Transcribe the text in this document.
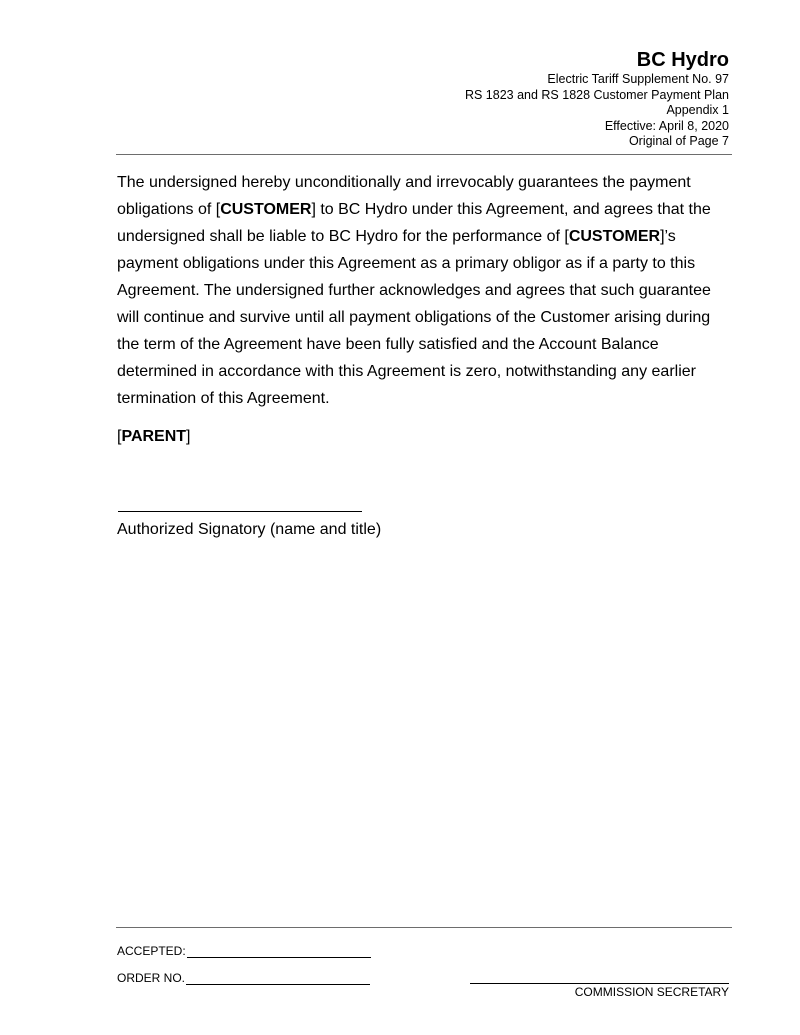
BC Hydro
Electric Tariff Supplement No. 97
RS 1823 and RS 1828 Customer Payment Plan
Appendix 1
Effective: April 8, 2020
Original of Page 7

The undersigned hereby unconditionally and irrevocably guarantees the payment obligations of [CUSTOMER] to BC Hydro under this Agreement, and agrees that the undersigned shall be liable to BC Hydro for the performance of [CUSTOMER]’s payment obligations under this Agreement as a primary obligor as if a party to this Agreement. The undersigned further acknowledges and agrees that such guarantee will continue and survive until all payment obligations of the Customer arising during the term of the Agreement have been fully satisfied and the Account Balance determined in accordance with this Agreement is zero, notwithstanding any earlier termination of this Agreement.

[PARENT]
Authorized Signatory (name and title)
ACCEPTED:
ORDER NO.
COMMISSION SECRETARY
